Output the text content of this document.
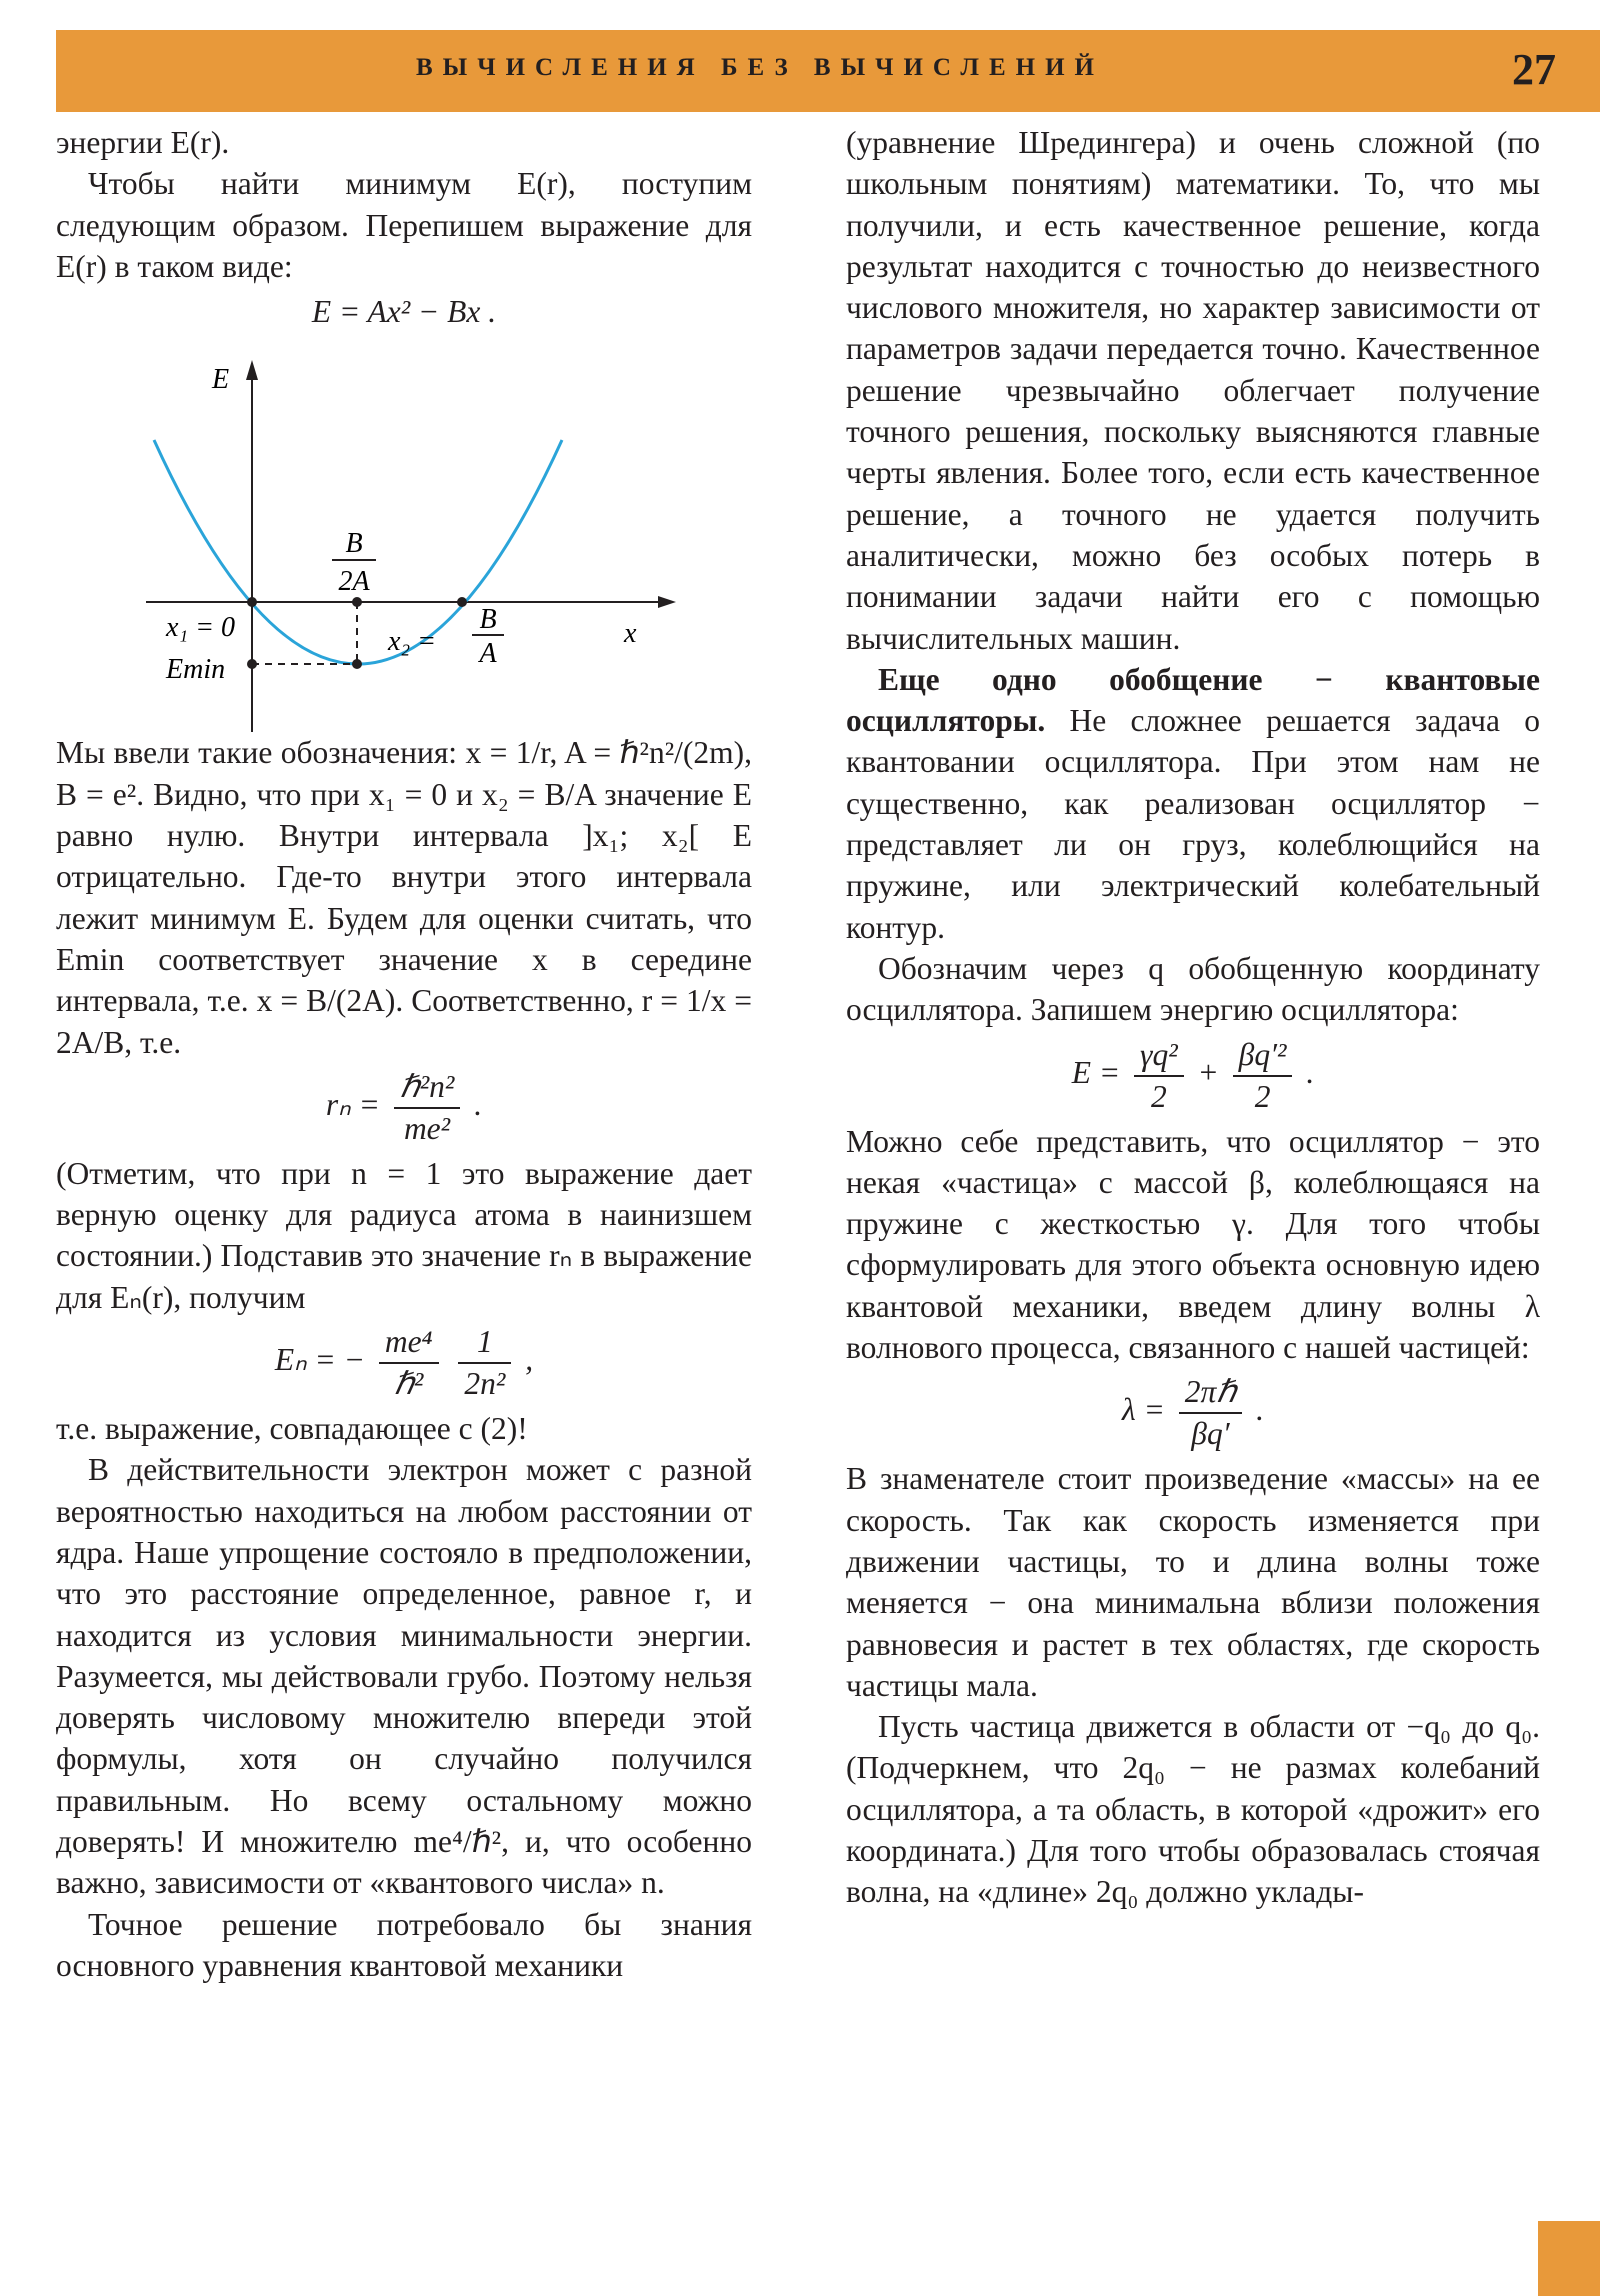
ВЫЧИСЛЕНИЯ БЕЗ ВЫЧИСЛЕНИЙ	27

энергии E(r).

Чтобы найти минимум E(r), поступим следующим образом. Перепишем выражение для E(r) в таком виде:

E = Ax² − Bx .

E
x
B
2A
x₁ = 0
Emin
x₂ =
B
A

Мы ввели такие обозначения: x = 1/r, A = ℏ²n²/(2m), B = e². Видно, что при x₁ = 0 и x₂ = B/A значение E равно нулю. Внутри интервала ]x₁; x₂[ E отрицательно. Где-то внутри этого интервала лежит минимум E. Будем для оценки считать, что Emin соответствует значение x в середине интервала, т.е. x = B/(2A). Соответственно, r = 1/x = 2A/B, т.е.

$r_n = \frac{\text{ℏ²n²}}{\text{me²}}$ .

(Отметим, что при n = 1 это выражение дает верную оценку для радиуса атома в наинизшем состоянии.) Подставив это значение rₙ в выражение для Eₙ(r), получим

Eₙ = − $\frac{\text{me⁴}}{\text{ℏ²}}$
$\frac{1}{\text{2n²}}$ ,

т.е. выражение, совпадающее с (2)!

В действительности электрон может с разной вероятностью находиться на любом расстоянии от ядра. Наше упрощение состояло в предположении, что это расстояние определенное, равное r, и находится из условия минимальности энергии. Разумеется, мы действовали грубо. Поэтому нельзя доверять числовому множителю впереди этой формулы, хотя он случайно получился правильным. Но всему остальному можно доверять! И множителю me⁴/ℏ², и, что особенно важно, зависимости от «квантового числа» n.

Точное решение потребовало бы знания основного уравнения квантовой механики

(уравнение Шредингера) и очень сложной (по школьным понятиям) математики. То, что мы получили, и есть качественное решение, когда результат находится с точностью до неизвестного числового множителя, но характер зависимости от параметров задачи передается точно. Качественное решение чрезвычайно облегчает получение точного решения, поскольку выясняются главные черты явления. Более того, если есть качественное решение, а точного не удается получить аналитически, можно без особых потерь в понимании задачи найти его с помощью вычислительных машин.

Еще одно обобщение − квантовые осцилляторы. Не сложнее решается задача о квантовании осциллятора. При этом нам не существенно, как реализован осциллятор − представляет ли он груз, колеблющийся на пружине, или электрический колебательный контур.

Обозначим через q обобщенную координату осциллятора. Запишем энергию осциллятора:

$E = \frac{\text{γq²}}{2} + \frac{\text{βq′²}}{2}$ .

Можно себе представить, что осциллятор − это некая «частица» с массой β, колеблющаяся на пружине с жесткостью γ. Для того чтобы сформулировать для этого объекта основную идею квантовой механики, введем длину волны λ волнового процесса, связанного с нашей частицей:

$\lambda = \frac{\text{2πℏ}}{\beta q'}$ .

В знаменателе стоит произведение «массы» на ее скорость. Так как скорость изменяется при движении частицы, то и длина волны тоже меняется − она минимальна вблизи положения равновесия и растет в тех областях, где скорость частицы мала.

Пусть частица движется в области от −q₀ до q₀. (Подчеркнем, что 2q₀ − не размах колебаний осциллятора, а та область, в которой «дрожит» его координата.) Для того чтобы образовалась стоячая волна, на «длине» 2q₀ должно уклады-
